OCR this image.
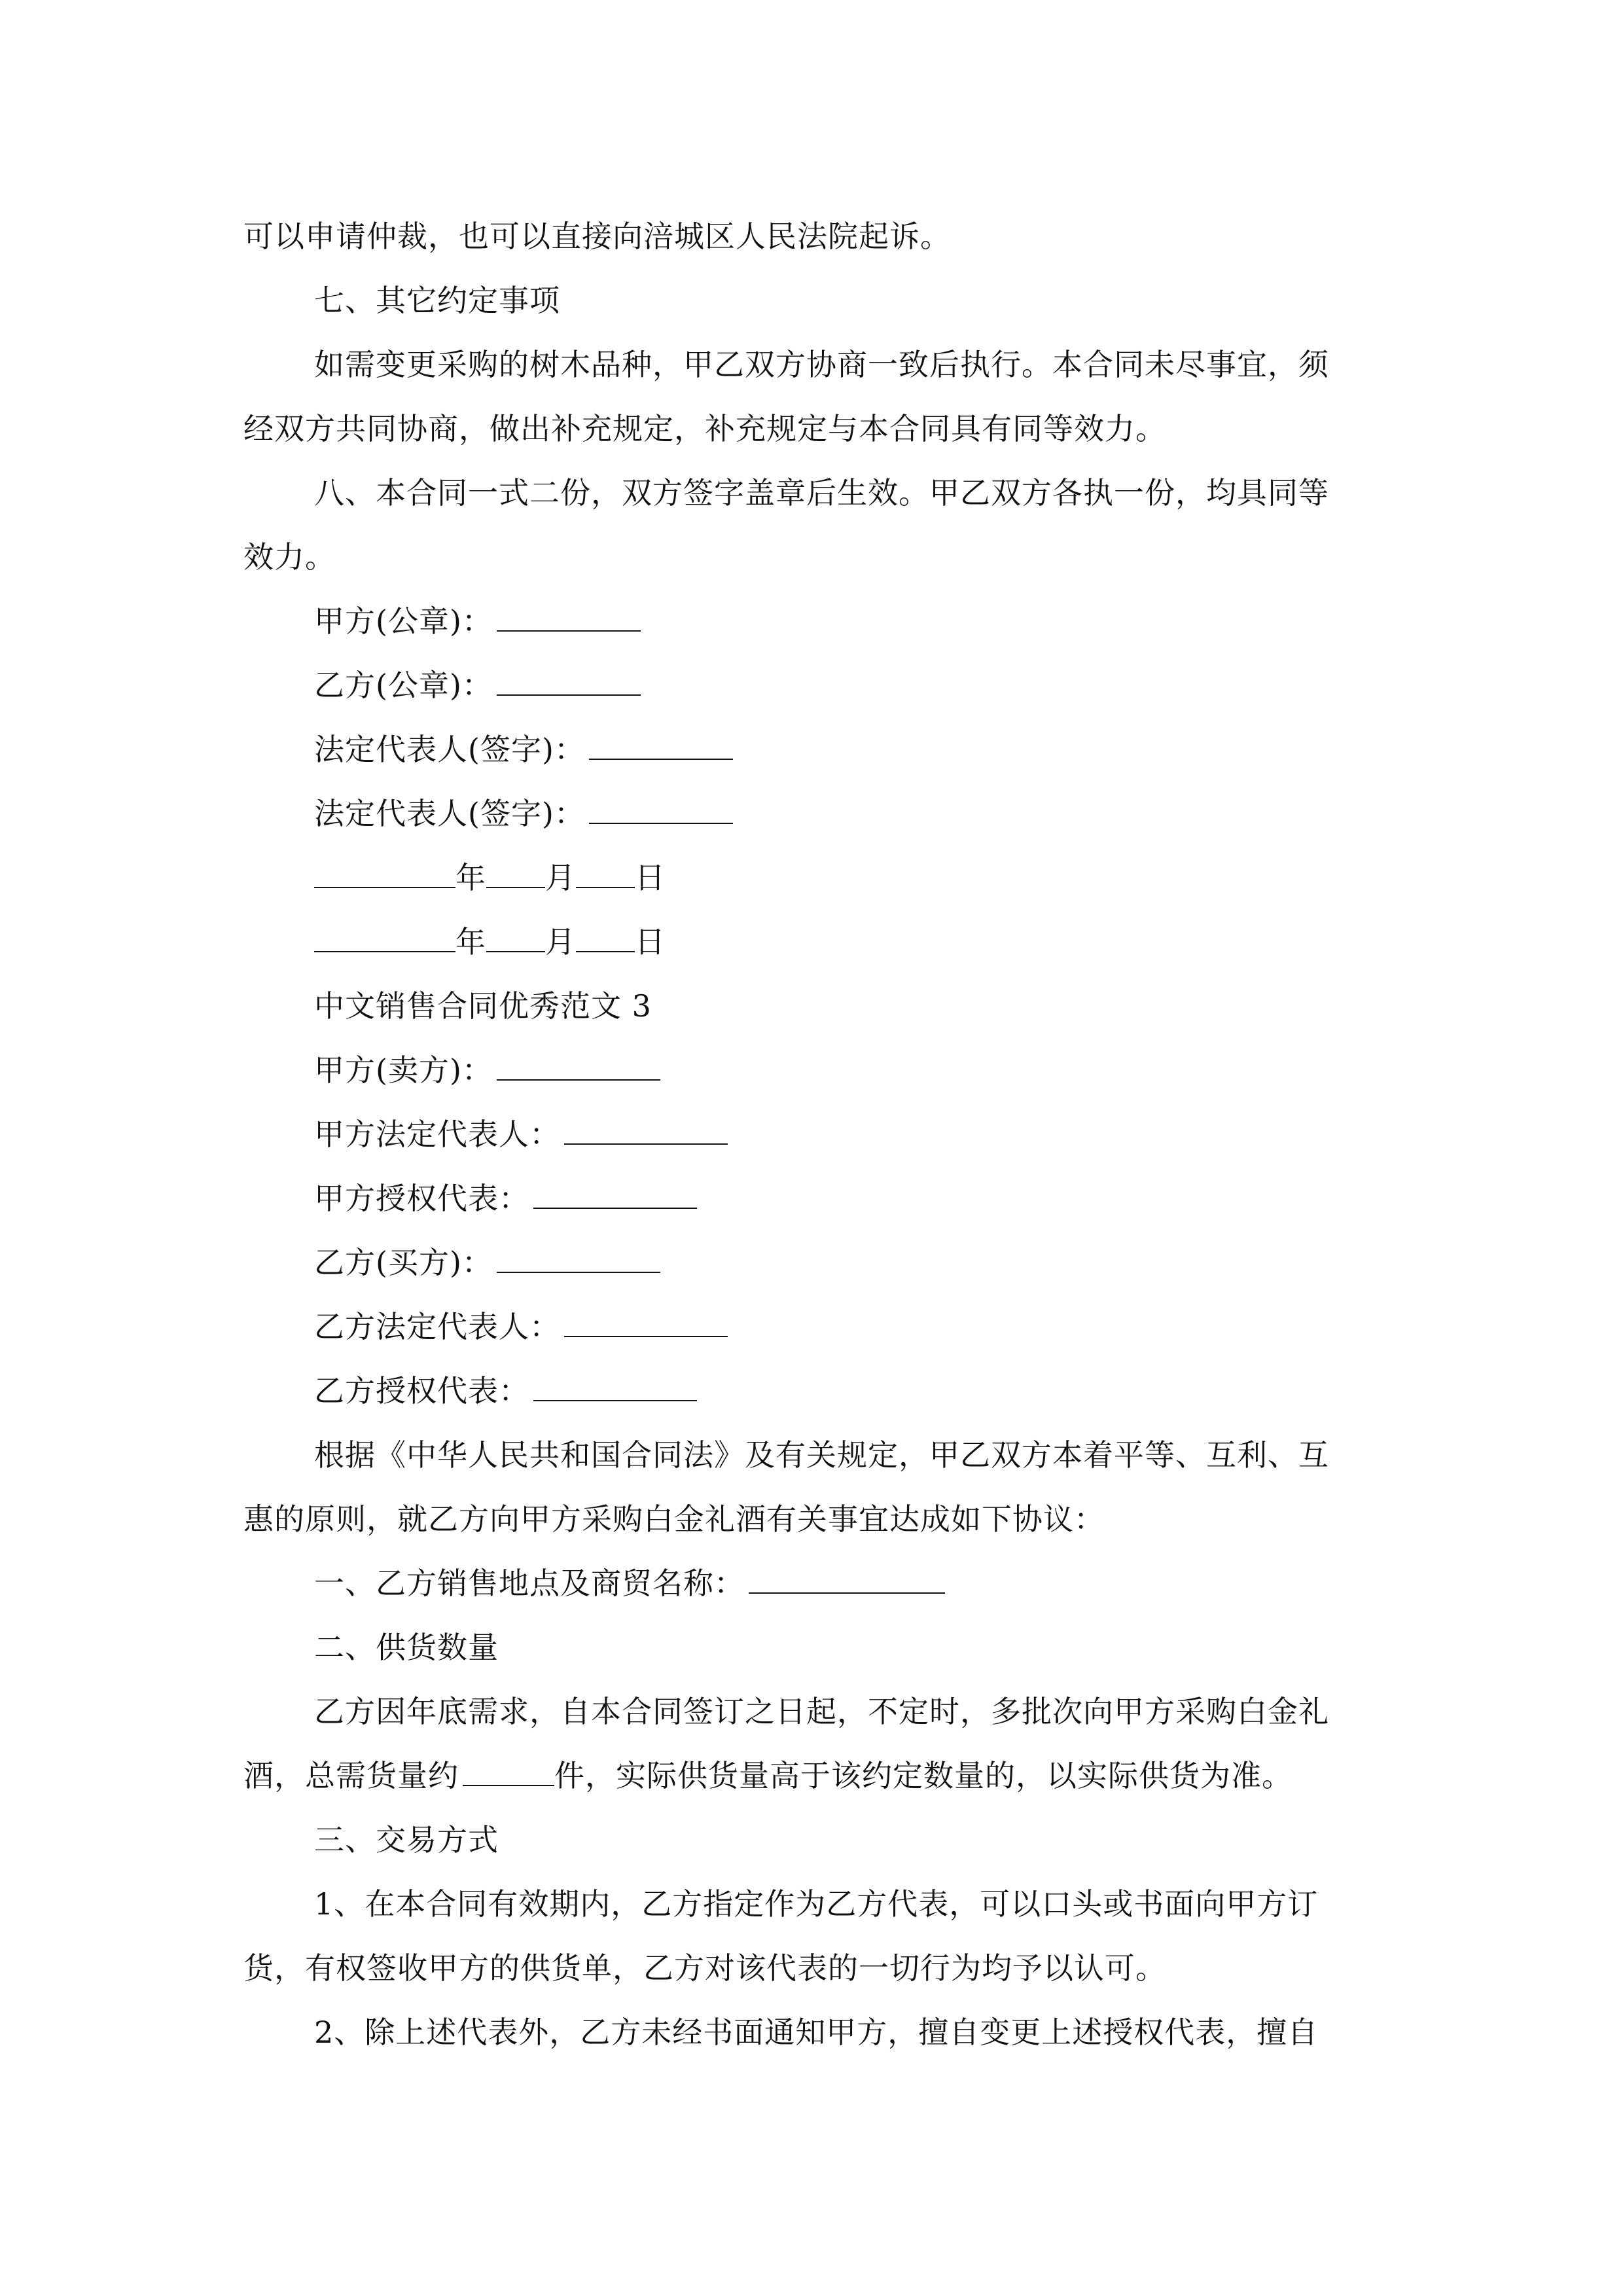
可以申请仲裁，也可以直接向涪城区人民法院起诉。
七、其它约定事项
如需变更采购的树木品种，甲乙双方协商一致后执行。本合同未尽事宜，须
经双方共同协商，做出补充规定，补充规定与本合同具有同等效力。
八、本合同一式二份，双方签字盖章后生效。甲乙双方各执一份，均具同等
效力。
甲方(公章)：
乙方(公章)：
法定代表人(签字)：
法定代表人(签字)：
年 月 日
年 月 日
中文销售合同优秀范文 3
甲方(卖方)：
甲方法定代表人：
甲方授权代表：
乙方(买方)：
乙方法定代表人：
乙方授权代表：
根据《中华人民共和国合同法》及有关规定，甲乙双方本着平等、互利、互
惠的原则，就乙方向甲方采购白金礼酒有关事宜达成如下协议：
一、乙方销售地点及商贸名称：
二、供货数量
乙方因年底需求，自本合同签订之日起，不定时，多批次向甲方采购白金礼
酒，总需货量约	件，实际供货量高于该约定数量的，以实际供货为准。
三、交易方式
1、在本合同有效期内，乙方指定作为乙方代表，可以口头或书面向甲方订
货，有权签收甲方的供货单，乙方对该代表的一切行为均予以认可。
2、除上述代表外，乙方未经书面通知甲方，擅自变更上述授权代表，擅自
